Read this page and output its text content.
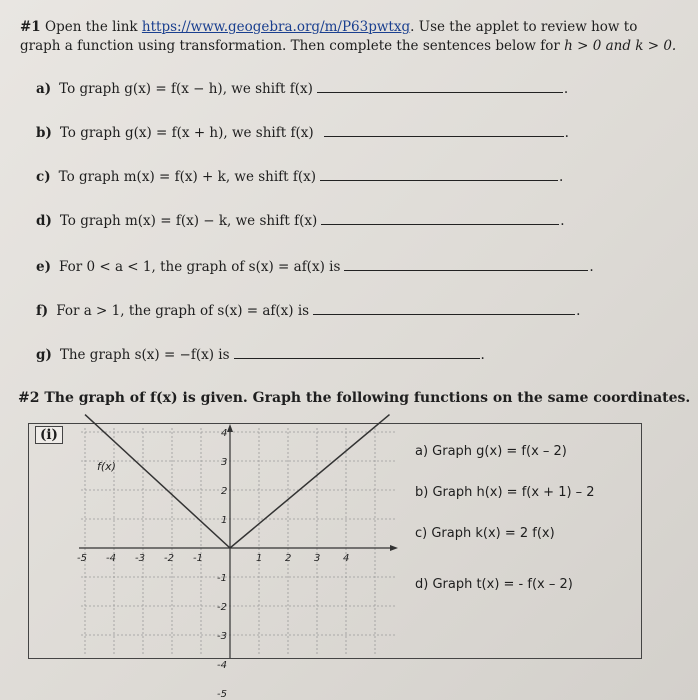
#1 Open the link https://www.geogebra.org/m/P63pwtxg. Use the applet to review how to graph a function using transformation. Then complete the sentences below for h > 0 and k > 0.
a) To graph g(x) = f(x − h), we shift f(x)	.
b) To graph g(x) = f(x + h), we shift f(x)	.
c) To graph m(x) = f(x) + k, we shift f(x)	.
d) To graph m(x) = f(x) − k, we shift f(x)	.
e) For 0 < a < 1, the graph of s(x) = af(x) is	.
f) For a > 1, the graph of s(x) = af(x) is	.
g) The graph s(x) = −f(x) is	.
#2 The graph of f(x) is given. Graph the following functions on the same coordinates.
(i)
-5 -4 -3 -2 -1	1 2 3 4
4
3
2
1
-1
-2
-3
-4
-5
f(x)
a) Graph g(x) = f(x – 2)
b) Graph h(x) = f(x + 1) – 2
c) Graph k(x) = 2 f(x)
d) Graph t(x) = - f(x – 2)
